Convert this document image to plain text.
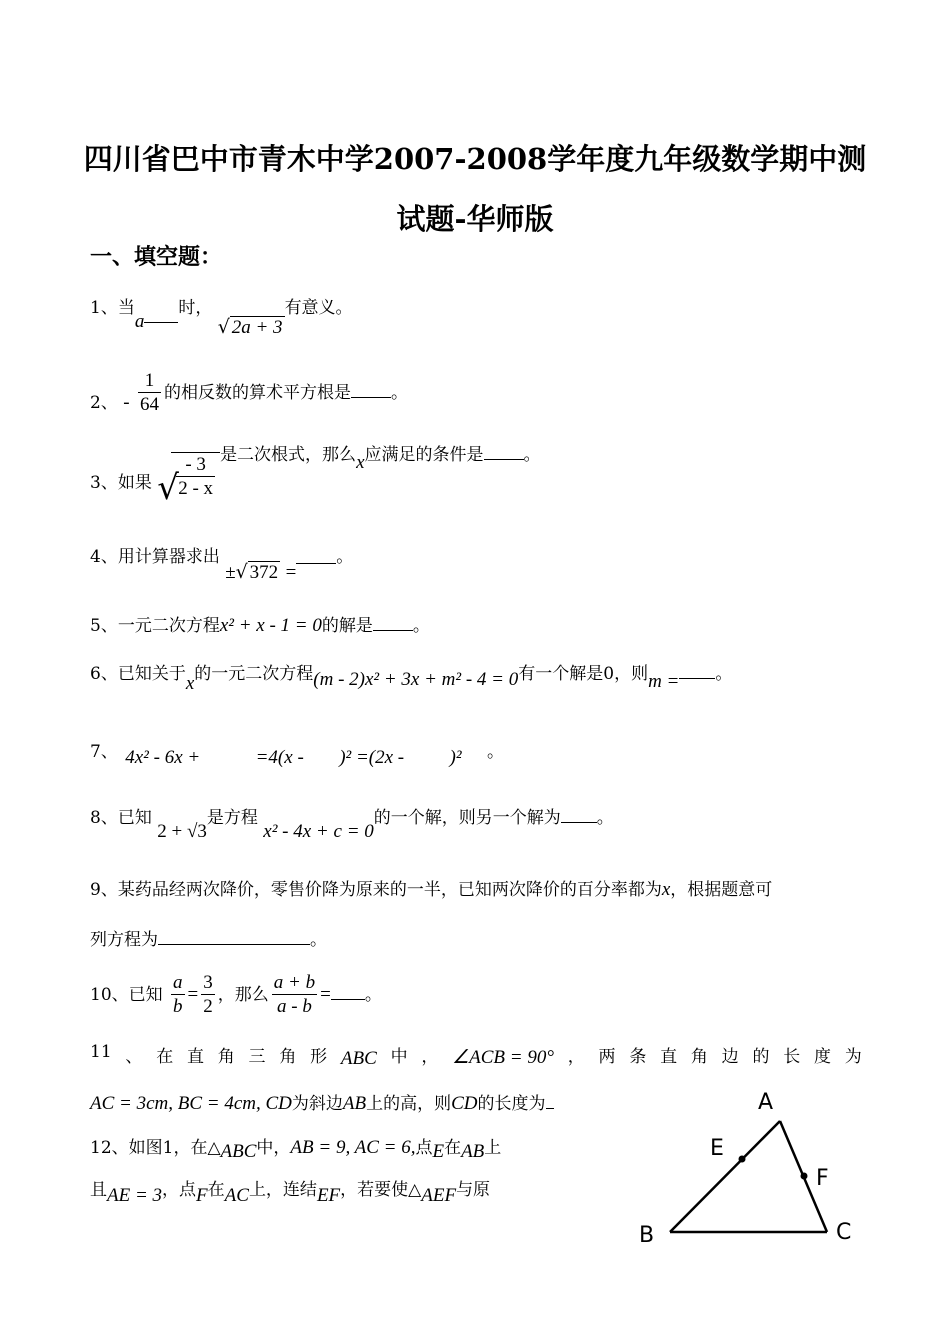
四川省巴中市青木中学2007-2008学年度九年级数学期中测
试题-华师版
一、填空题：
1、当a时，
√ 2a + 3有意义。
2、 - $\frac{1}{64}$ 的相反数的算术平方根是 。
3、如果 √
$\frac{- 3}{2 - x}$ 是二次根式，那么x应满足的条件是 。
4、用计算器求出 ± √ 372 =。
5、一元二次方程x² + x - 1 = 0的解是 。
6、已知关于x的一元二次方程(m - 2)x² + 3x + m² - 4 = 0有一个解是0，则m = 。
7、 4x² - 6x +	=4(x - )² =(2x - )² 。
8、已知 2 + √3是方程 x² - 4x + c = 0的一个解，则另一个解为 。
9、某药品经两次降价，零售价降为原来的一半，已知两次降价的百分率都为x，根据题意可
列方程为	。
10、已知 $\frac{a}{b} = \frac{3}{2}$ ，那么 $\frac{a + b}{a - b}$ = 。
11 、 在 直 角 三 角 形 ABC 中 ， ∠ACB = 90° ， 两 条 直 角 边 的 长 度 为
AC = 3cm, BC = 4cm, CD为斜边AB上的高，则CD的长度为
12、如图1，在△ABC中，AB = 9, AC = 6,点E在AB上
且AE = 3，点F在AC上，连结EF，若要使△AEF与原
A
B	C
E
F
